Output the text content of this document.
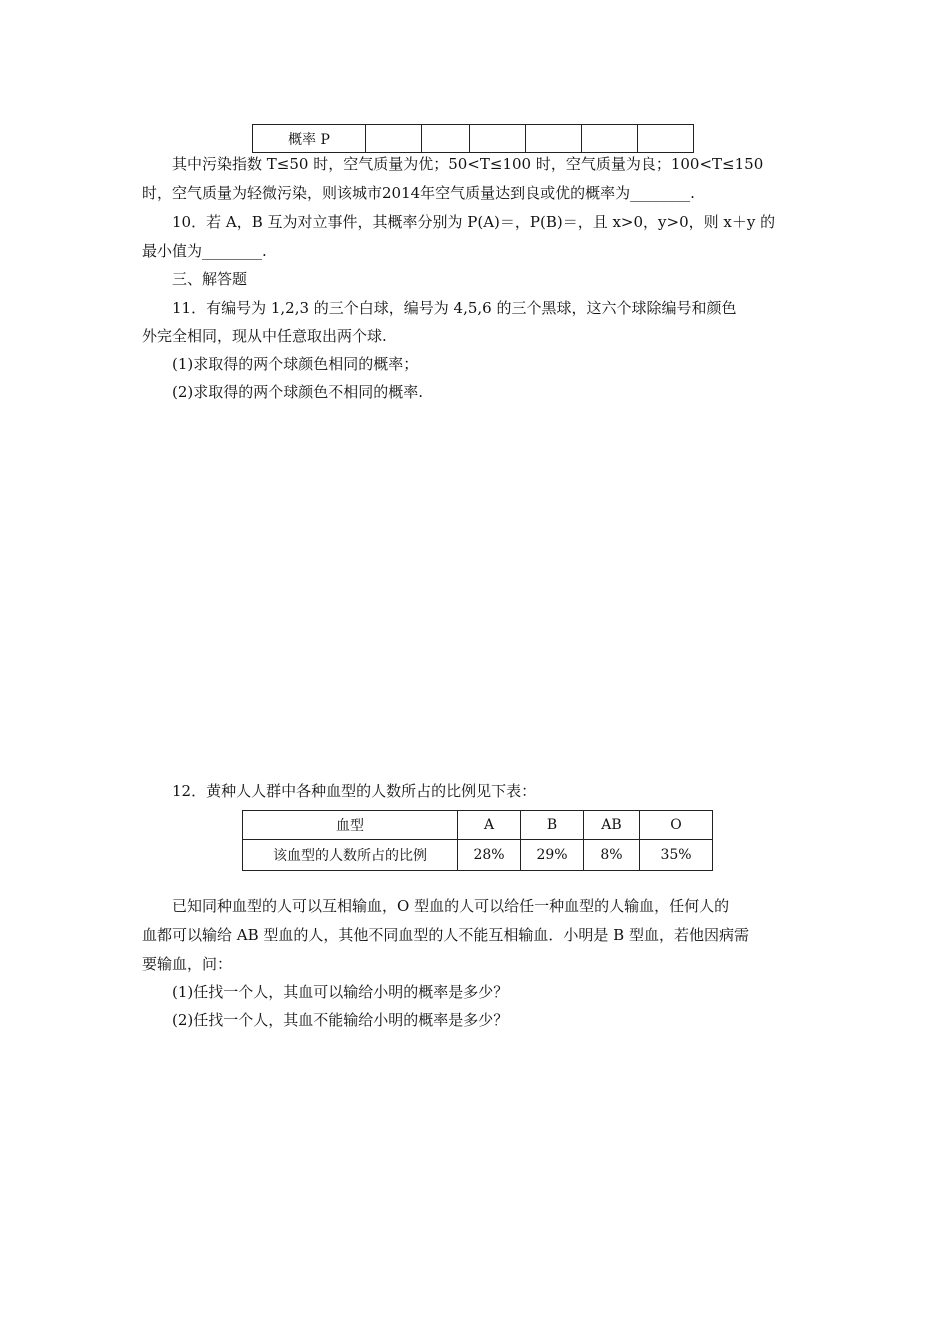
概率 P						
其中污染指数 T≤50 时，空气质量为优；50<T≤100 时，空气质量为良；100<T≤150
时，空气质量为轻微污染，则该城市2014年空气质量达到良或优的概率为________.
10．若 A，B 互为对立事件，其概率分别为 P(A)＝，P(B)＝，且 x>0，y>0，则 x＋y 的
最小值为________.
三、解答题
11．有编号为 1,2,3 的三个白球，编号为 4,5,6 的三个黑球，这六个球除编号和颜色
外完全相同，现从中任意取出两个球.
(1)求取得的两个球颜色相同的概率；
(2)求取得的两个球颜色不相同的概率.
12．黄种人人群中各种血型的人数所占的比例见下表：
血型	A	B	AB	O
该血型的人数所占的比例	28%	29%	8%	35%
已知同种血型的人可以互相输血，O 型血的人可以给任一种血型的人输血，任何人的
血都可以输给 AB 型血的人，其他不同血型的人不能互相输血．小明是 B 型血，若他因病需
要输血，问：
(1)任找一个人，其血可以输给小明的概率是多少？
(2)任找一个人，其血不能输给小明的概率是多少？
